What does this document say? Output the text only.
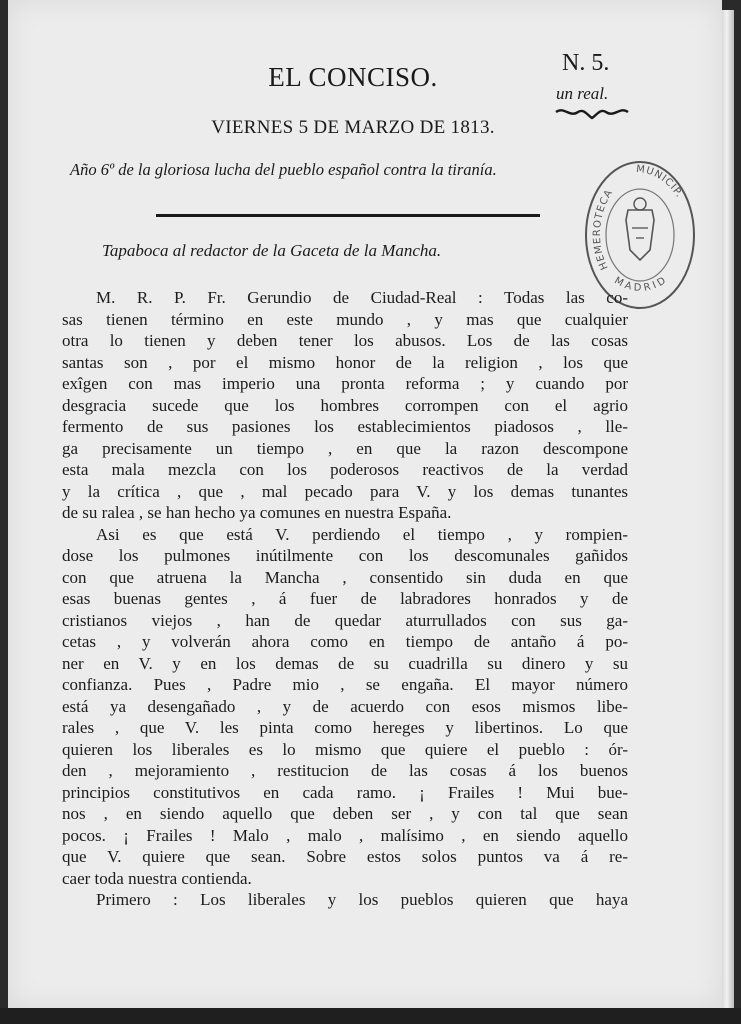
EL CONCISO.	N. 5.
un real.
VIERNES 5 DE MARZO DE 1813.
Año 6º de la gloriosa lucha del pueblo español contra la tiranía.
HEMEROTECA
MUNICIP.
MADRID
Tapaboca al redactor de la Gaceta de la Mancha.
M. R. P. Fr. Gerundio de Ciudad-Real : Todas las co-
sas tienen término en este mundo , y mas que cualquier
otra lo tienen y deben tener los abusos. Los de las cosas
santas son , por el mismo honor de la religion , los que
exîgen con mas imperio una pronta reforma ; y cuando por
desgracia sucede que los hombres corrompen con el agrio
fermento de sus pasiones los establecimientos piadosos , lle-
ga precisamente un tiempo , en que la razon descompone
esta mala mezcla con los poderosos reactivos de la verdad
y la crítica , que , mal pecado para V. y los demas tunantes
de su ralea , se han hecho ya comunes en nuestra España.
Asi es que está V. perdiendo el tiempo , y rompien-
dose los pulmones inútilmente con los descomunales gañidos
con que atruena la Mancha , consentido sin duda en que
esas buenas gentes , á fuer de labradores honrados y de
cristianos viejos , han de quedar aturrullados con sus ga-
cetas , y volverán ahora como en tiempo de antaño á po-
ner en V. y en los demas de su cuadrilla su dinero y su
confianza. Pues , Padre mio , se engaña. El mayor número
está ya desengañado , y de acuerdo con esos mismos libe-
rales , que V. les pinta como hereges y libertinos. Lo que
quieren los liberales es lo mismo que quiere el pueblo : ór-
den , mejoramiento , restitucion de las cosas á los buenos
principios constitutivos en cada ramo. ¡ Frailes ! Mui bue-
nos , en siendo aquello que deben ser , y con tal que sean
pocos. ¡ Frailes ! Malo , malo , malísimo , en siendo aquello
que V. quiere que sean. Sobre estos solos puntos va á re-
caer toda nuestra contienda.
Primero : Los liberales y los pueblos quieren que haya
